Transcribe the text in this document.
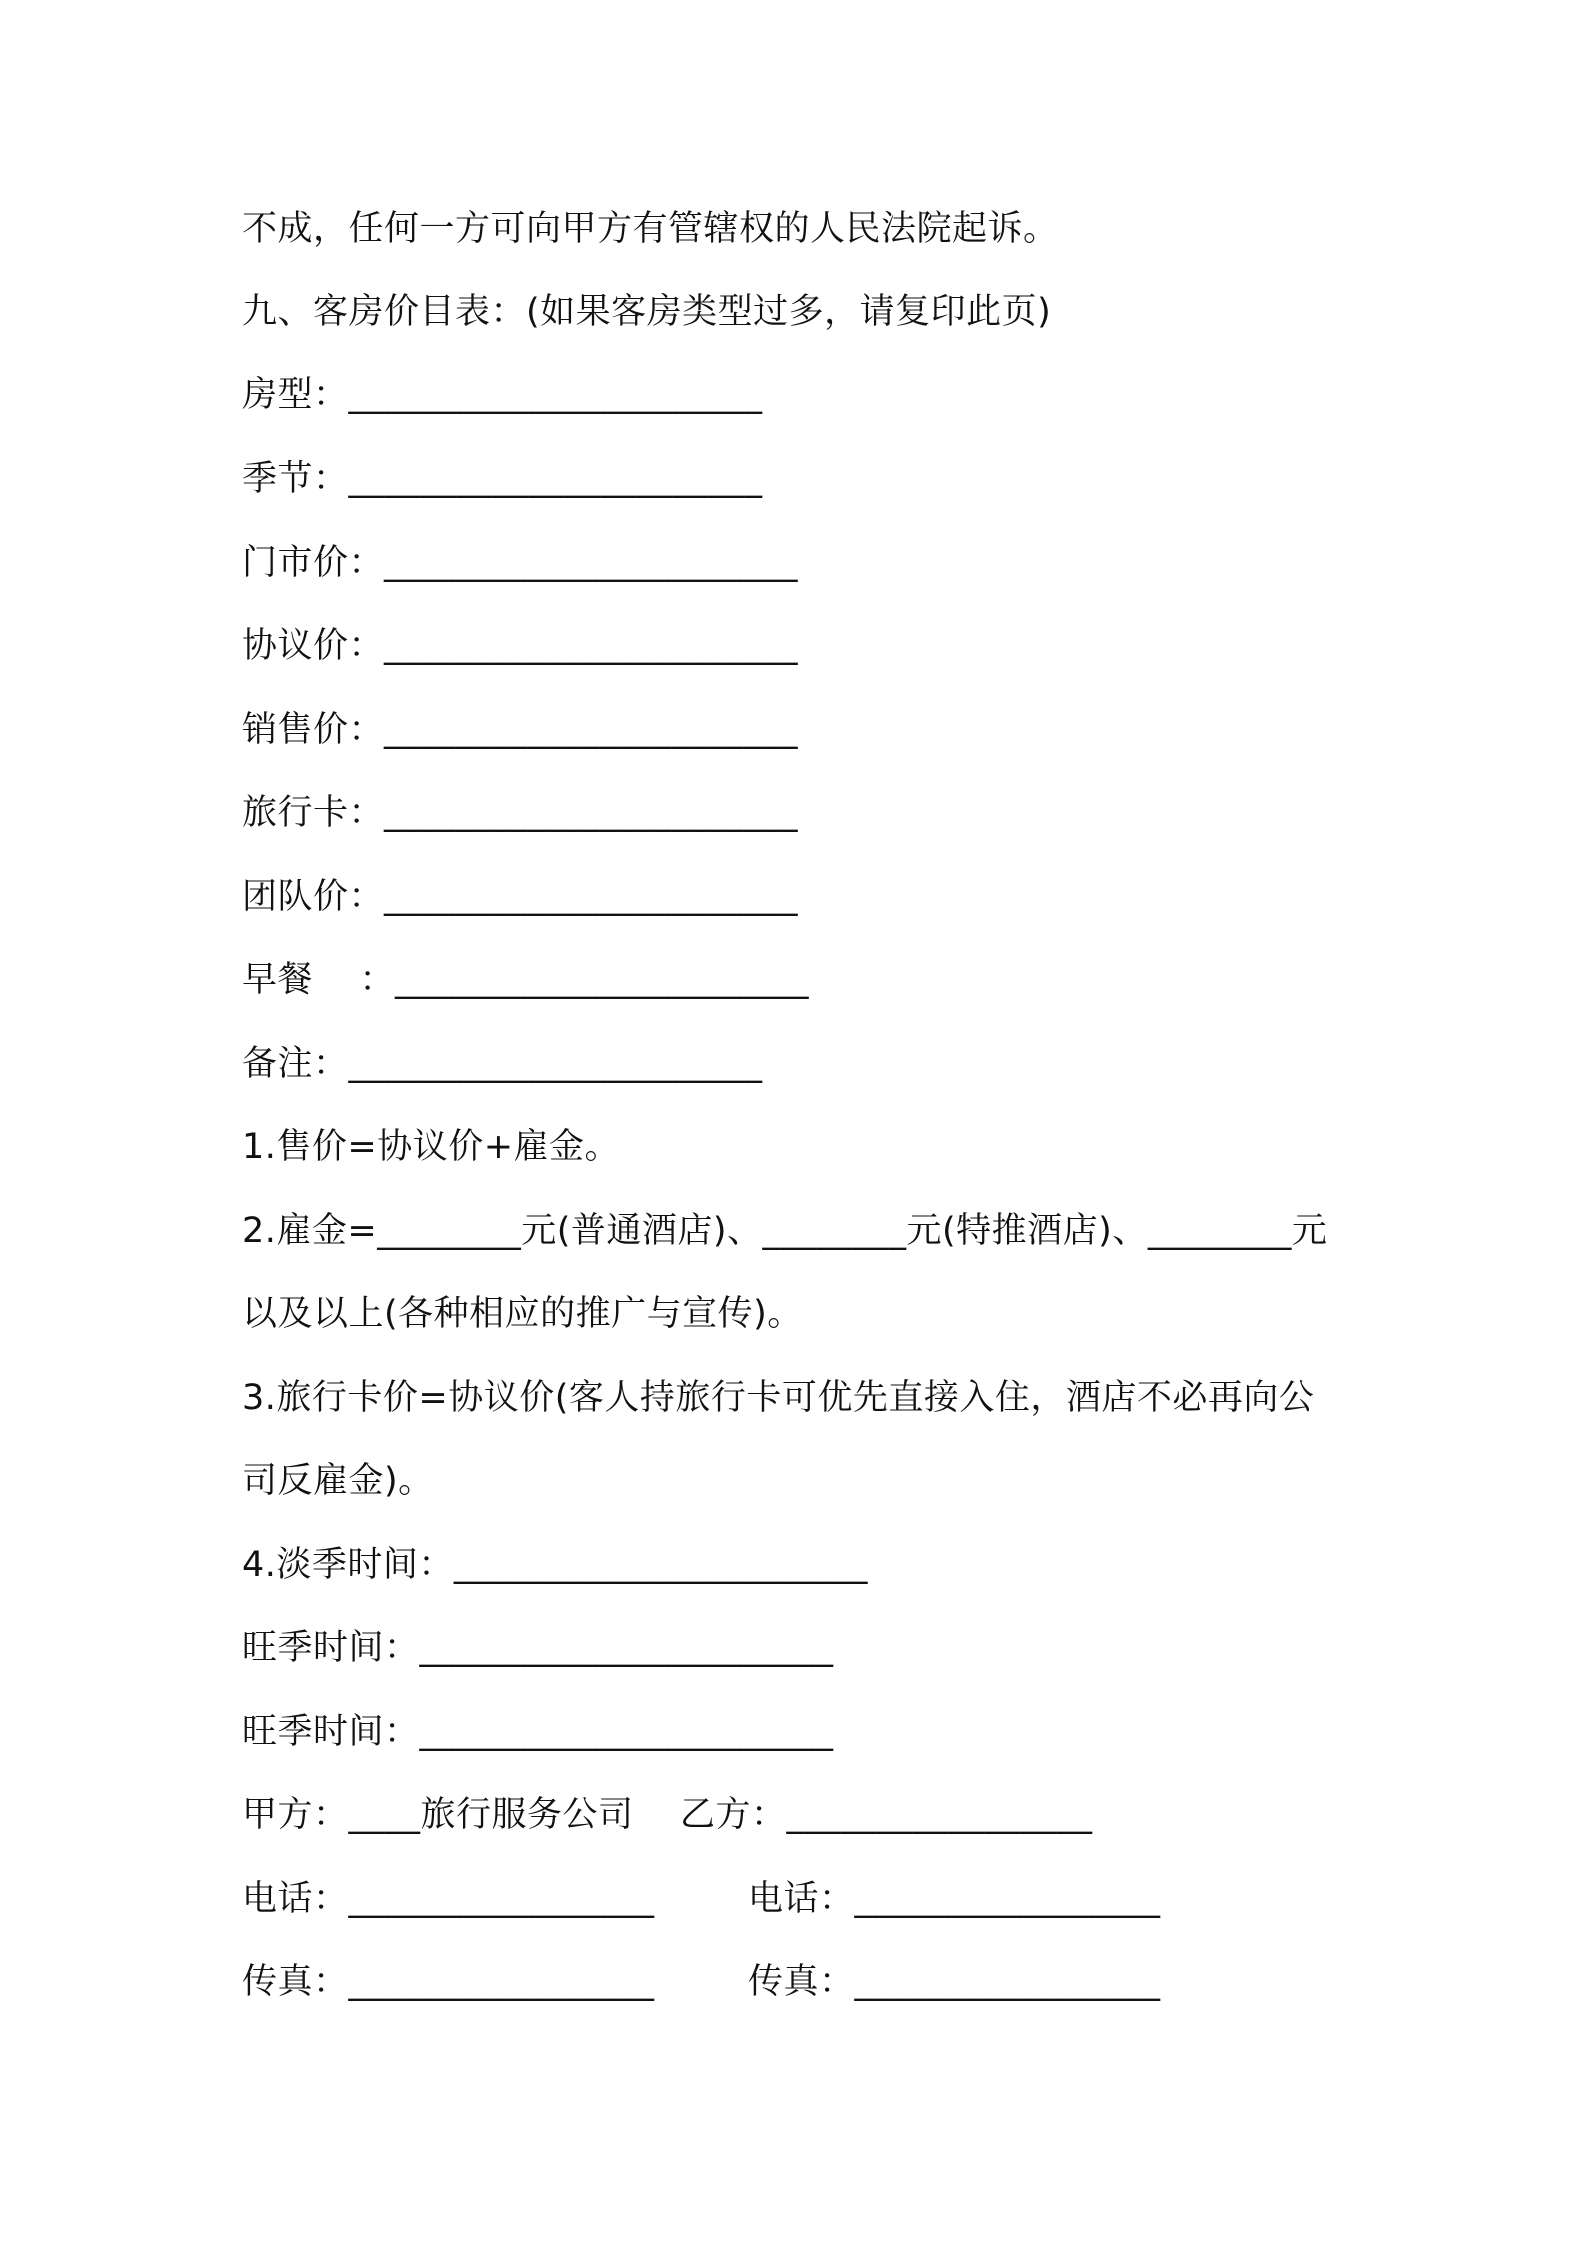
不成，任何一方可向甲方有管辖权的人民法院起诉。
九、客房价目表：(如果客房类型过多，请复印此页)
房型：_______________________
季节：_______________________
门市价：_______________________
协议价：_______________________
销售价：_______________________
旅行卡：_______________________
团队价：_______________________
早餐    ：_______________________
备注：_______________________
1.售价=协议价+雇金。
2.雇金=________元(普通酒店)、________元(特推酒店)、________元
以及以上(各种相应的推广与宣传)。
3.旅行卡价=协议价(客人持旅行卡可优先直接入住，酒店不必再向公
司反雇金)。
4.淡季时间：_______________________
旺季时间：_______________________
旺季时间：_______________________
甲方：____旅行服务公司    乙方：_________________
电话：_________________
传真：_________________
电话：_________________
传真：_________________
